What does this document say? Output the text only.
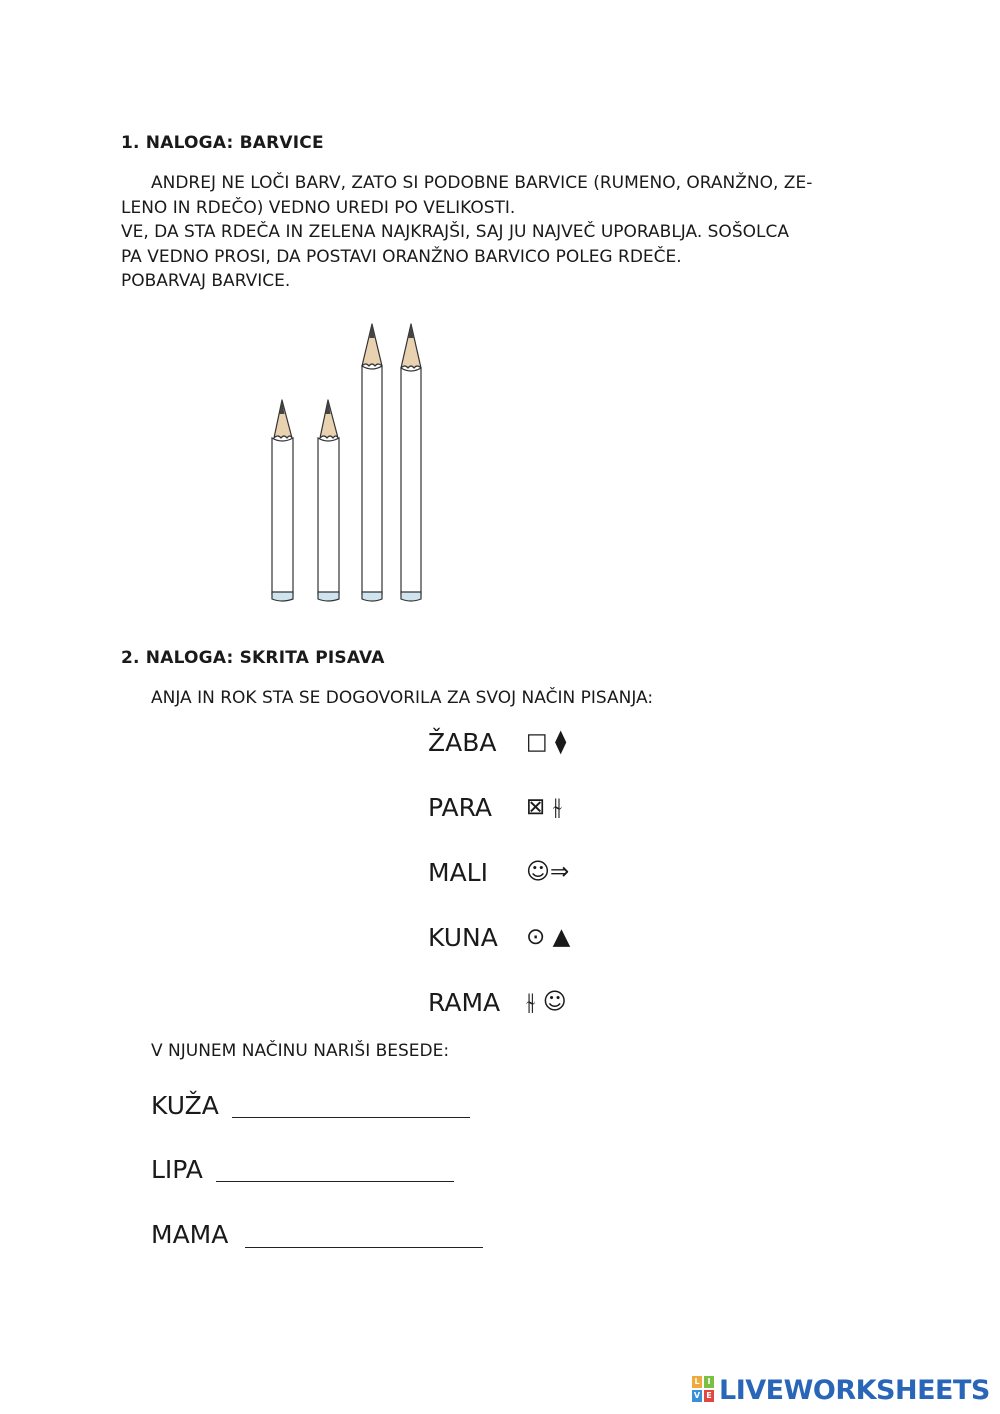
1. NALOGA: BARVICE
ANDREJ NE LOČI BARV, ZATO SI PODOBNE BARVICE (RUMENO, ORANŽNO, ZE-
LENO IN RDEČO) VEDNO UREDI PO VELIKOSTI.
VE, DA STA RDEČA IN ZELENA NAJKRAJŠI, SAJ JU NAJVEČ UPORABLJA. SOŠOLCA
PA VEDNO PROSI, DA POSTAVI ORANŽNO BARVICO POLEG RDEČE.
POBARVAJ BARVICE.
2. NALOGA: SKRITA PISAVA
ANJA IN ROK STA SE DOGOVORILA ZA SVOJ NAČIN PISANJA:
ŽABA □ ⧫
PARA ⊠ ⫳
MALI ☺⇒
KUNA ⊙ ▲
RAMA ⫳ ☺
V NJUNEM NAČINU NARIŠI BESEDE:
KUŽA
LIPA
MAMA
L I
V E LIVEWORKSHEETS
